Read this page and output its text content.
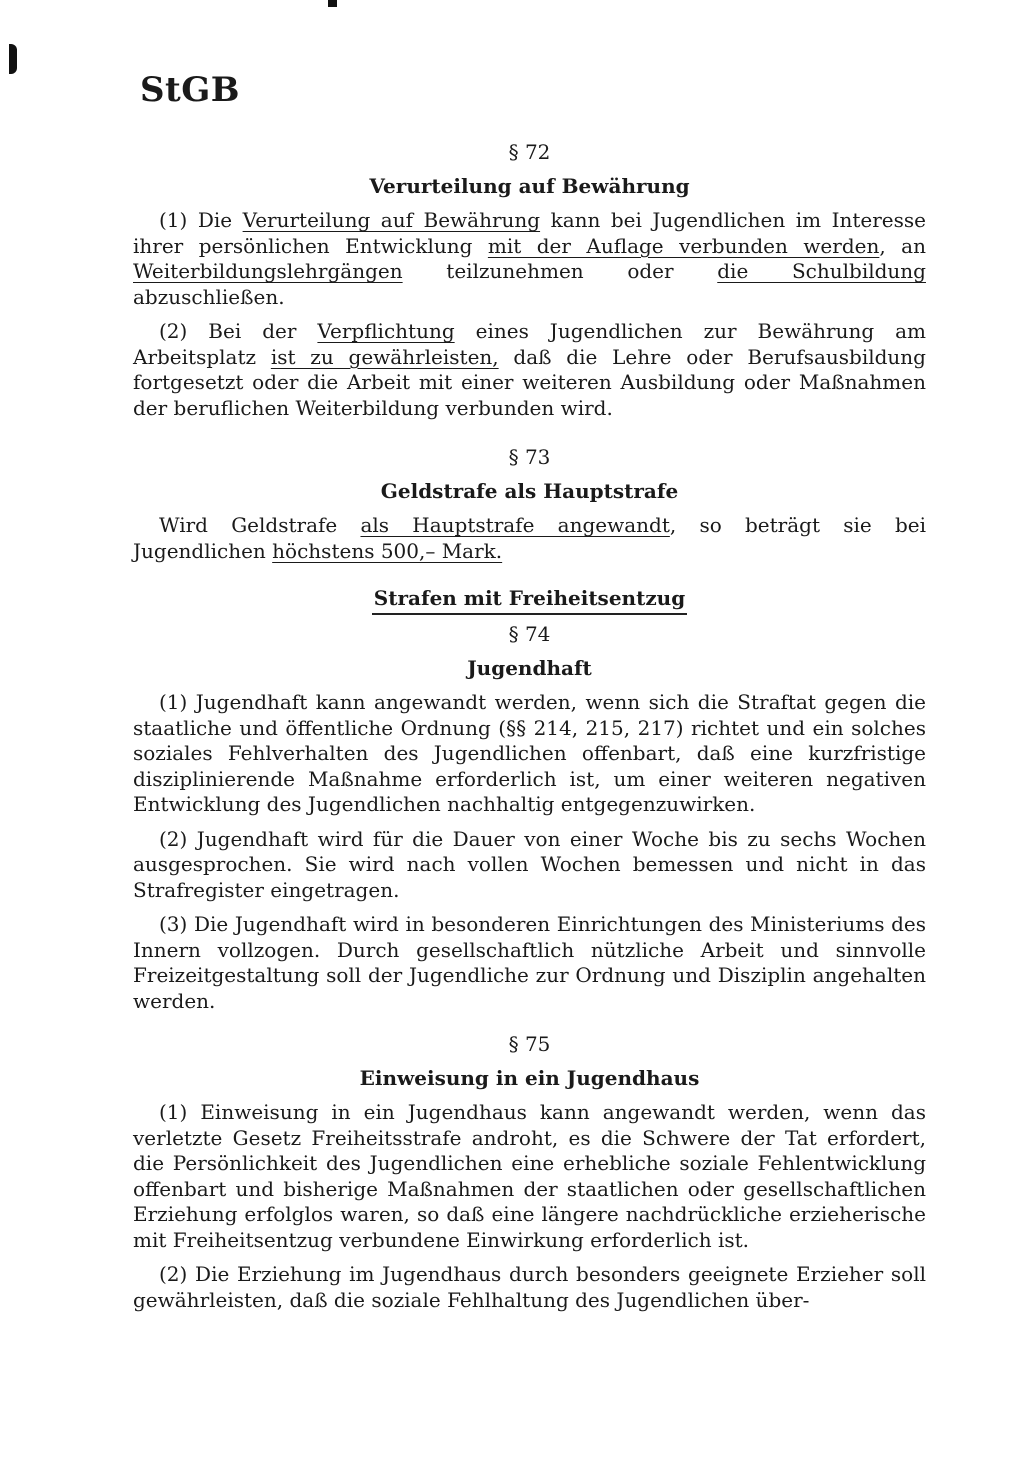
StGB
§ 72
Verurteilung auf Bewährung

(1) Die Verurteilung auf Bewährung kann bei Jugendlichen im Interesse ihrer persönlichen Entwicklung mit der Auflage verbunden werden, an Weiterbildungslehrgängen teilzunehmen oder die Schulbildung abzuschließen.

(2) Bei der Verpflichtung eines Jugendlichen zur Bewährung am Arbeitsplatz ist zu gewährleisten, daß die Lehre oder Berufsausbildung fortgesetzt oder die Arbeit mit einer weiteren Ausbildung oder Maßnahmen der beruflichen Weiterbildung verbunden wird.

§ 73
Geldstrafe als Hauptstrafe

Wird Geldstrafe als Hauptstrafe angewandt, so beträgt sie bei Jugendlichen höchstens 500,– Mark.

Strafen mit Freiheitsentzug
§ 74
Jugendhaft

(1) Jugendhaft kann angewandt werden, wenn sich die Straftat gegen die staatliche und öffentliche Ordnung (§§ 214, 215, 217) richtet und ein solches soziales Fehlverhalten des Jugendlichen offenbart, daß eine kurzfristige disziplinierende Maßnahme erforderlich ist, um einer weiteren negativen Entwicklung des Jugendlichen nachhaltig entgegenzuwirken.

(2) Jugendhaft wird für die Dauer von einer Woche bis zu sechs Wochen ausgesprochen. Sie wird nach vollen Wochen bemessen und nicht in das Strafregister eingetragen.

(3) Die Jugendhaft wird in besonderen Einrichtungen des Ministeriums des Innern vollzogen. Durch gesellschaftlich nützliche Arbeit und sinnvolle Freizeitgestaltung soll der Jugendliche zur Ordnung und Disziplin angehalten werden.

§ 75
Einweisung in ein Jugendhaus

(1) Einweisung in ein Jugendhaus kann angewandt werden, wenn das verletzte Gesetz Freiheitsstrafe androht, es die Schwere der Tat erfordert, die Persönlichkeit des Jugendlichen eine erhebliche soziale Fehlentwicklung offenbart und bisherige Maßnahmen der staatlichen oder gesellschaftlichen Erziehung erfolglos waren, so daß eine längere nachdrückliche erzieherische mit Freiheitsentzug verbundene Einwirkung erforderlich ist.

(2) Die Erziehung im Jugendhaus durch besonders geeignete Erzieher soll gewährleisten, daß die soziale Fehlhaltung des Jugendlichen über-
